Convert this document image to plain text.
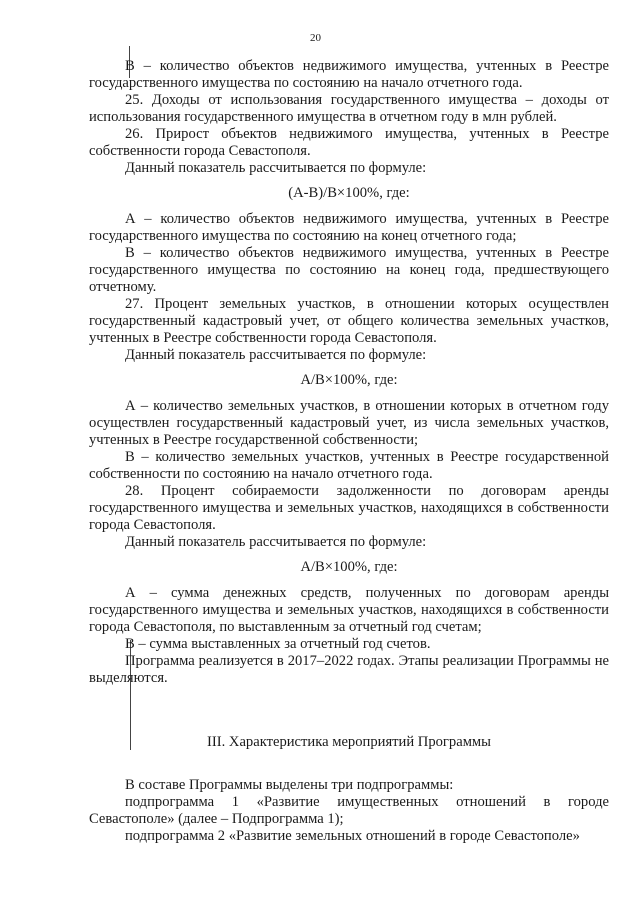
20

В – количество объектов недвижимого имущества, учтенных в Реестре государственного имущества по состоянию на начало отчетного года.

25. Доходы от использования государственного имущества – доходы от использования государственного имущества в отчетном году в млн рублей.

26. Прирост объектов недвижимого имущества, учтенных в Реестре собственности города Севастополя.

Данный показатель рассчитывается по формуле:

(А-В)/В×100%, где:

А – количество объектов недвижимого имущества, учтенных в Реестре государственного имущества по состоянию на конец отчетного года;

В – количество объектов недвижимого имущества, учтенных в Реестре государственного имущества по состоянию на конец года, предшествующего отчетному.

27. Процент земельных участков, в отношении которых осуществлен государственный кадастровый учет, от общего количества земельных участков, учтенных в Реестре собственности города Севастополя.

Данный показатель рассчитывается по формуле:

А/В×100%, где:

А – количество земельных участков, в отношении которых в отчетном году осуществлен государственный кадастровый учет, из числа земельных участков, учтенных в Реестре государственной собственности;

В – количество земельных участков, учтенных в Реестре государственной собственности по состоянию на начало отчетного года.

28. Процент собираемости задолженности по договорам аренды государственного имущества и земельных участков, находящихся в собственности города Севастополя.

Данный показатель рассчитывается по формуле:

А/В×100%, где:

А – сумма денежных средств, полученных по договорам аренды государственного имущества и земельных участков, находящихся в собственности города Севастополя, по выставленным за отчетный год счетам;

В – сумма выставленных за отчетный год счетов.

Программа реализуется в 2017–2022 годах. Этапы реализации Программы не выделяются.

III. Характеристика мероприятий Программы

В составе Программы выделены три подпрограммы:

подпрограмма 1 «Развитие имущественных отношений в городе Севастополе» (далее – Подпрограмма 1);

подпрограмма 2 «Развитие земельных отношений в городе Севастополе»
